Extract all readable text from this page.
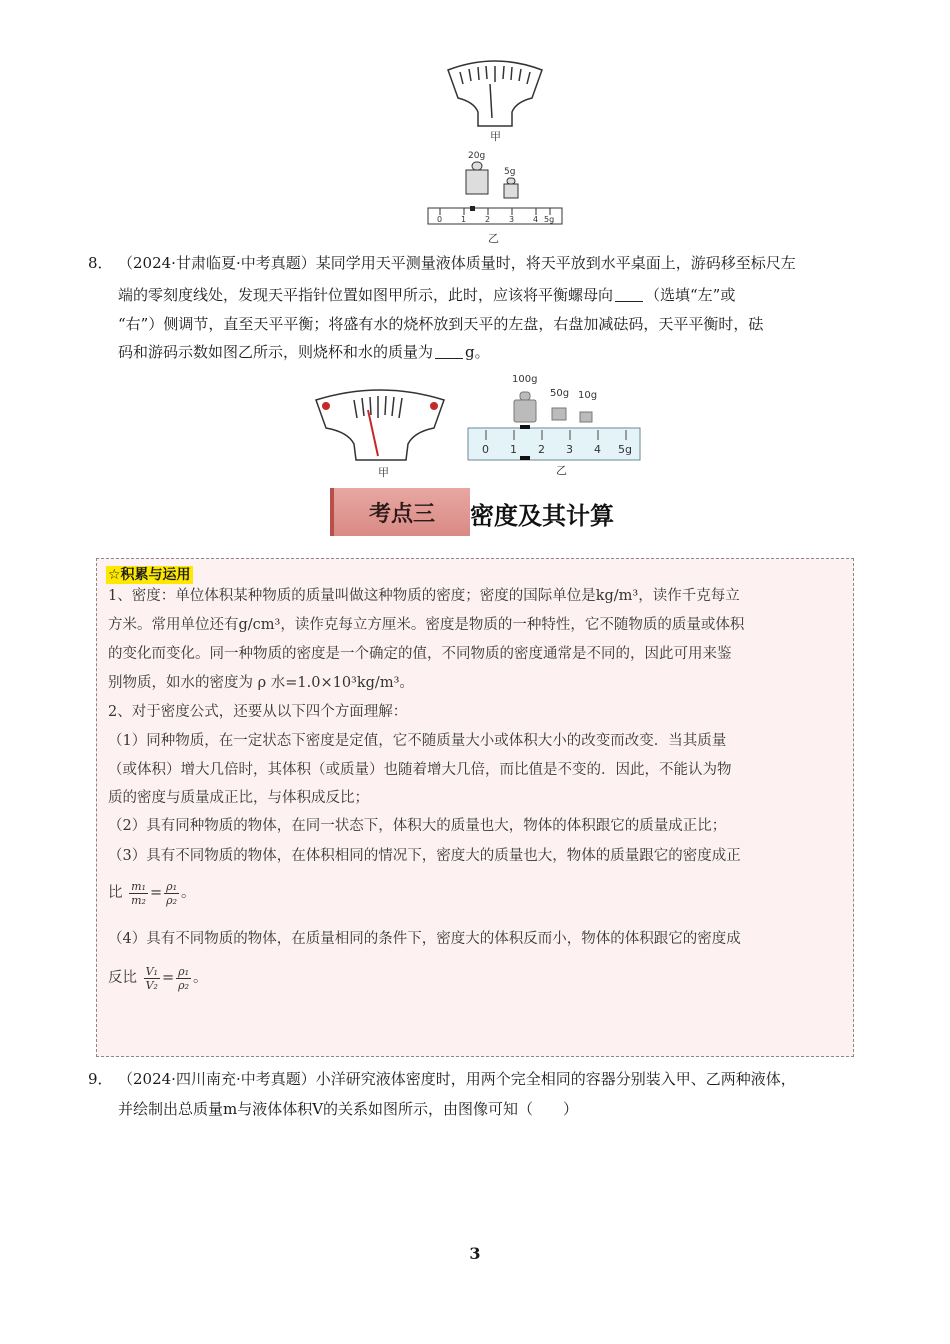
甲
20g
5g
0 1 2 3 4 5g
乙
8． （2024·甘肃临夏·中考真题）某同学用天平测量液体质量时，将天平放到水平桌面上，游码移至标尺左
端的零刻度线处，发现天平指针位置如图甲所示，此时，应该将平衡螺母向 （选填“左”或
“右”）侧调节，直至天平平衡；将盛有水的烧杯放到天平的左盘，右盘加减砝码，天平平衡时，砝
码和游码示数如图乙所示，则烧杯和水的质量为 g。
甲
100g
50g 10g
0 1 2 3 4 5g
乙
考点三	密度及其计算
☆积累与运用
1、密度：单位体积某种物质的质量叫做这种物质的密度；密度的国际单位是kg/m³，读作千克每立
方米。常用单位还有g/cm³，读作克每立方厘米。密度是物质的一种特性，它不随物质的质量或体积
的变化而变化。同一种物质的密度是一个确定的值，不同物质的密度通常是不同的，因此可用来鉴
别物质，如水的密度为 ρ 水=1.0×10³kg/m³。
2、对于密度公式，还要从以下四个方面理解：
（1）同种物质，在一定状态下密度是定值，它不随质量大小或体积大小的改变而改变．当其质量
（或体积）增大几倍时，其体积（或质量）也随着增大几倍，而比值是不变的．因此，不能认为物
质的密度与质量成正比，与体积成反比；
（2）具有同种物质的物体，在同一状态下，体积大的质量也大，物体的体积跟它的质量成正比；
（3）具有不同物质的物体，在体积相同的情况下，密度大的质量也大，物体的质量跟它的密度成正
比 $\frac{\text{m₁}}{\text{m₂}} = \frac{\text{ρ₁}}{\text{ρ₂}}$ 。
（4）具有不同物质的物体，在质量相同的条件下，密度大的体积反而小，物体的体积跟它的密度成
反比 $\frac{\text{V₁}}{\text{V₂}} = \frac{\text{ρ₁}}{\text{ρ₂}}$ 。
9． （2024·四川南充·中考真题）小洋研究液体密度时，用两个完全相同的容器分别装入甲、乙两种液体，
并绘制出总质量m与液体体积V的关系如图所示，由图像可知（　　）
3
